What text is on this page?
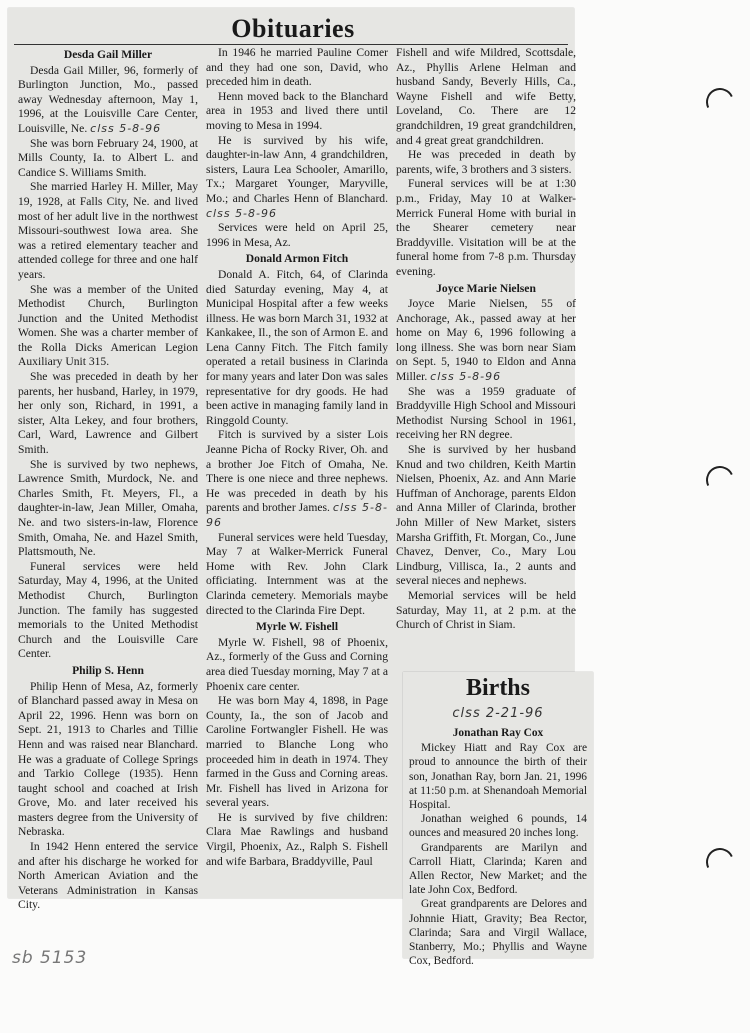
Obituaries
Desda Gail Miller

Desda Gail Miller, 96, formerly of Burlington Junction, Mo., passed away Wednesday afternoon, May 1, 1996, at the Louisville Care Center, Louisville, Ne. clss 5-8-96

She was born February 24, 1900, at Mills County, Ia. to Albert L. and Candice S. Williams Smith.

She married Harley H. Miller, May 19, 1928, at Falls City, Ne. and lived most of her adult live in the northwest Missouri-southwest Iowa area. She was a retired elementary teacher and attended college for three and one half years.

She was a member of the United Methodist Church, Burlington Junction and the United Methodist Women. She was a charter member of the Rolla Dicks American Legion Auxiliary Unit 315.

She was preceded in death by her parents, her husband, Harley, in 1979, her only son, Richard, in 1991, a sister, Alta Lekey, and four brothers, Carl, Ward, Lawrence and Gilbert Smith.

She is survived by two nephews, Lawrence Smith, Murdock, Ne. and Charles Smith, Ft. Meyers, Fl., a daughter-in-law, Jean Miller, Omaha, Ne. and two sisters-in-law, Florence Smith, Omaha, Ne. and Hazel Smith, Plattsmouth, Ne.

Funeral services were held Saturday, May 4, 1996, at the United Methodist Church, Burlington Junction. The family has suggested memorials to the United Methodist Church and the Louisville Care Center.

Philip S. Henn

Philip Henn of Mesa, Az, formerly of Blanchard passed away in Mesa on April 22, 1996. Henn was born on Sept. 21, 1913 to Charles and Tillie Henn and was raised near Blanchard. He was a graduate of College Springs and Tarkio College (1935). Henn taught school and coached at Irish Grove, Mo. and later received his masters degree from the University of Nebraska.

In 1942 Henn entered the service and after his discharge he worked for North American Aviation and the Veterans Administration in Kansas City.

In 1946 he married Pauline Comer and they had one son, David, who preceded him in death.

Henn moved back to the Blanchard area in 1953 and lived there until moving to Mesa in 1994.

He is survived by his wife, daughter-in-law Ann, 4 grandchildren, sisters, Laura Lea Schooler, Amarillo, Tx.; Margaret Younger, Maryville, Mo.; and Charles Henn of Blanchard. clss 5-8-96

Services were held on April 25, 1996 in Mesa, Az.

Donald Armon Fitch

Donald A. Fitch, 64, of Clarinda died Saturday evening, May 4, at Municipal Hospital after a few weeks illness. He was born March 31, 1932 at Kankakee, Il., the son of Armon E. and Lena Canny Fitch. The Fitch family operated a retail business in Clarinda for many years and later Don was sales representative for dry goods. He had been active in managing family land in Ringgold County.

Fitch is survived by a sister Lois Jeanne Picha of Rocky River, Oh. and a brother Joe Fitch of Omaha, Ne. There is one niece and three nephews. He was preceded in death by his parents and brother James. clss 5-8-96

Funeral services were held Tuesday, May 7 at Walker-Merrick Funeral Home with Rev. John Clark officiating. Internment was at the Clarinda cemetery. Memorials maybe directed to the Clarinda Fire Dept.

Myrle W. Fishell

Myrle W. Fishell, 98 of Phoenix, Az., formerly of the Guss and Corning area died Tuesday morning, May 7 at a Phoenix care center.

He was born May 4, 1898, in Page County, Ia., the son of Jacob and Caroline Fortwangler Fishell. He was married to Blanche Long who proceeded him in death in 1974. They farmed in the Guss and Corning areas. Mr. Fishell has lived in Arizona for several years.

He is survived by five children: Clara Mae Rawlings and husband Virgil, Phoenix, Az., Ralph S. Fishell and wife Barbara, Braddyville, Paul

Fishell and wife Mildred, Scottsdale, Az., Phyllis Arlene Helman and husband Sandy, Beverly Hills, Ca., Wayne Fishell and wife Betty, Loveland, Co. There are 12 grandchildren, 19 great grandchildren, and 4 great great grandchildren.

He was preceded in death by parents, wife, 3 brothers and 3 sisters.

Funeral services will be at 1:30 p.m., Friday, May 10 at Walker-Merrick Funeral Home with burial in the Shearer cemetery near Braddyville. Visitation will be at the funeral home from 7-8 p.m. Thursday evening.

Joyce Marie Nielsen

Joyce Marie Nielsen, 55 of Anchorage, Ak., passed away at her home on May 6, 1996 following a long illness. She was born near Siam on Sept. 5, 1940 to Eldon and Anna Miller. clss 5-8-96

She was a 1959 graduate of Braddyville High School and Missouri Methodist Nursing School in 1961, receiving her RN degree.

She is survived by her husband Knud and two children, Keith Martin Nielsen, Phoenix, Az. and Ann Marie Huffman of Anchorage, parents Eldon and Anna Miller of Clarinda, brother John Miller of New Market, sisters Marsha Griffith, Ft. Morgan, Co., June Chavez, Denver, Co., Mary Lou Lindburg, Villisca, Ia., 2 aunts and several nieces and nephews.

Memorial services will be held Saturday, May 11, at 2 p.m. at the Church of Christ in Siam.

Births
clss 2-21-96
Jonathan Ray Cox

Mickey Hiatt and Ray Cox are proud to announce the birth of their son, Jonathan Ray, born Jan. 21, 1996 at 11:50 p.m. at Shenandoah Memorial Hospital.

Jonathan weighed 6 pounds, 14 ounces and measured 20 inches long.

Grandparents are Marilyn and Carroll Hiatt, Clarinda; Karen and Allen Rector, New Market; and the late John Cox, Bedford.

Great grandparents are Delores and Johnnie Hiatt, Gravity; Bea Rector, Clarinda; Sara and Virgil Wallace, Stanberry, Mo.; Phyllis and Wayne Cox, Bedford.

sb 5153
